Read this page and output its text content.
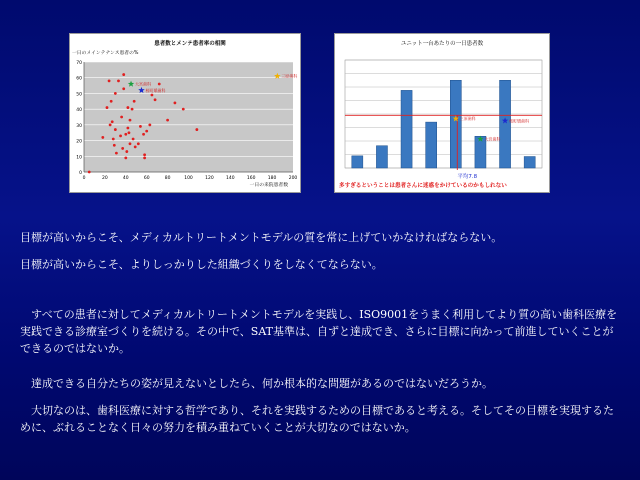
0
10
20
30
40
50
60
70
0	20	40	60	80	100	120	140	160	180	200
患者数とメンテ患者率の相関
一日のメインテナンス患者の%
一日の来院患者数
大宮歯科
桜町矯歯科
三原歯科
ユニット一台あたりの一日患者数
平均7.8
三原歯科	桜町矯歯科
大宮歯科
多すぎるということは患者さんに迷惑をかけているのかもしれない

目標が高いからこそ、メディカルトリートメントモデルの質を常に上げていかなければならない。

目標が高いからこそ、よりしっかりした組織づくりをしなくてならない。

すべての患者に対してメディカルトリートメントモデルを実践し、ISO9001をうまく利用してより質の高い歯科医療を実践できる診療室づくりを続ける。その中で、SAT基準は、自ずと達成でき、さらに目標に向かって前進していくことができるのではないか。

達成できる自分たちの姿が見えないとしたら、何か根本的な問題があるのではないだろうか。

大切なのは、歯科医療に対する哲学であり、それを実践するための目標であると考える。そしてその目標を実現するために、ぶれることなく日々の努力を積み重ねていくことが大切なのではないか。
